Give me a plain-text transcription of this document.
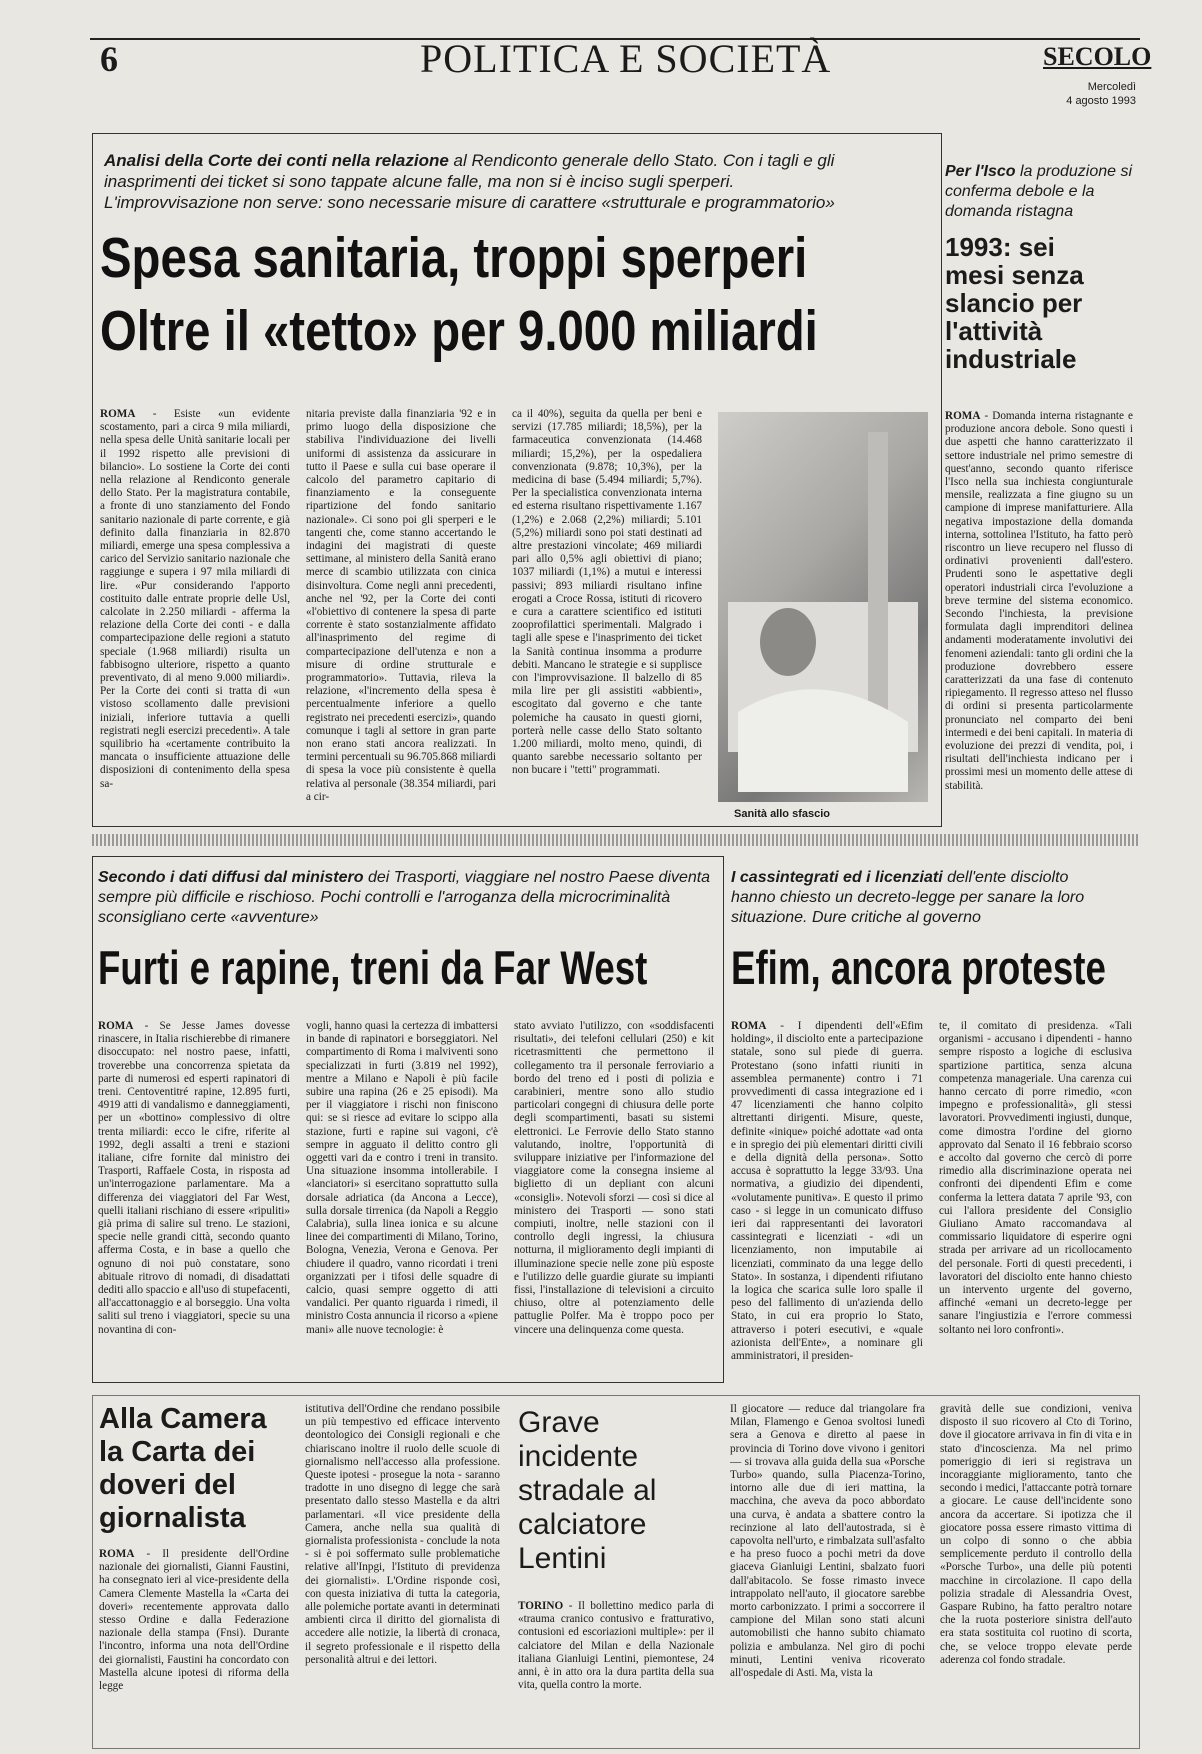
6	POLITICA E SOCIETÀ	SECOLO
Mercoledì
4 agosto 1993
Analisi della Corte dei conti nella relazione al Rendiconto generale dello Stato. Con i tagli e gli inasprimenti dei ticket si sono tappate alcune falle, ma non si è inciso sugli sperperi. L'improvvisazione non serve: sono necessarie misure di carattere «strutturale e programmatorio»
Spesa sanitaria, troppi sperperi
Oltre il «tetto» per 9.000 miliardi
ROMA - Esiste «un evidente scostamento, pari a circa 9 mila miliardi, nella spesa delle Unità sanitarie locali per il 1992 rispetto alle previsioni di bilancio». Lo sostiene la Corte dei conti nella relazione al Rendiconto generale dello Stato. Per la magistratura contabile, a fronte di uno stanziamento del Fondo sanitario nazionale di parte corrente, e già definito dalla finanziaria in 82.870 miliardi, emerge una spesa complessiva a carico del Servizio sanitario nazionale che raggiunge e supera i 97 mila miliardi di lire. «Pur considerando l'apporto costituito dalle entrate proprie delle Usl, calcolate in 2.250 miliardi - afferma la relazione della Corte dei conti - e dalla compartecipazione delle regioni a statuto speciale (1.968 miliardi) risulta un fabbisogno ulteriore, rispetto a quanto preventivato, di al meno 9.000 miliardi». Per la Corte dei conti si tratta di «un vistoso scollamento dalle previsioni iniziali, inferiore tuttavia a quelli registrati negli esercizi precedenti». A tale squilibrio ha «certamente contribuito la mancata o insufficiente attuazione delle disposizioni di contenimento della spesa sa-
nitaria previste dalla finanziaria '92 e in primo luogo della disposizione che stabiliva l'individuazione dei livelli uniformi di assistenza da assicurare in tutto il Paese e sulla cui base operare il calcolo del parametro capitario di finanziamento e la conseguente ripartizione del fondo sanitario nazionale». Ci sono poi gli sperperi e le tangenti che, come stanno accertando le indagini dei magistrati di queste settimane, al ministero della Sanità erano merce di scambio utilizzata con cinica disinvoltura. Come negli anni precedenti, anche nel '92, per la Corte dei conti «l'obiettivo di contenere la spesa di parte corrente è stato sostanzialmente affidato all'inasprimento del regime di compartecipazione dell'utenza e non a misure di ordine strutturale e programmatorio». Tuttavia, rileva la relazione, «l'incremento della spesa è percentualmente inferiore a quello registrato nei precedenti esercizi», quando comunque i tagli al settore in gran parte non erano stati ancora realizzati. In termini percentuali su 96.705.868 miliardi di spesa la voce più consistente è quella relativa al personale (38.354 miliardi, pari a cir-
ca il 40%), seguita da quella per beni e servizi (17.785 miliardi; 18,5%), per la farmaceutica convenzionata (14.468 miliardi; 15,2%), per la ospedaliera convenzionata (9.878; 10,3%), per la medicina di base (5.494 miliardi; 5,7%). Per la specialistica convenzionata interna ed esterna risultano rispettivamente 1.167 (1,2%) e 2.068 (2,2%) miliardi; 5.101 (5,2%) miliardi sono poi stati destinati ad altre prestazioni vincolate; 469 miliardi pari allo 0,5% agli obiettivi di piano; 1037 miliardi (1,1%) a mutui e interessi passivi; 893 miliardi risultano infine erogati a Croce Rossa, istituti di ricovero e cura a carattere scientifico ed istituti zooprofilattici sperimentali. Malgrado i tagli alle spese e l'inasprimento dei ticket la Sanità continua insomma a produrre debiti. Mancano le strategie e si supplisce con l'improvvisazione. Il balzello di 85 mila lire per gli assistiti «abbienti», escogitato dal governo e che tante polemiche ha causato in questi giorni, porterà nelle casse dello Stato soltanto 1.200 miliardi, molto meno, quindi, di quanto sarebbe necessario soltanto per non bucare i "tetti" programmati.
Sanità allo sfascio
Per l'Isco la produzione si conferma debole e la domanda ristagna
1993: sei mesi senza slancio per l'attività industriale
ROMA - Domanda interna ristagnante e produzione ancora debole. Sono questi i due aspetti che hanno caratterizzato il settore industriale nel primo semestre di quest'anno, secondo quanto riferisce l'Isco nella sua inchiesta congiunturale mensile, realizzata a fine giugno su un campione di imprese manifatturiere. Alla negativa impostazione della domanda interna, sottolinea l'Istituto, ha fatto però riscontro un lieve recupero nel flusso di ordinativi provenienti dall'estero. Prudenti sono le aspettative degli operatori industriali circa l'evoluzione a breve termine del sistema economico. Secondo l'inchiesta, la previsione formulata dagli imprenditori delinea andamenti moderatamente involutivi dei fenomeni aziendali: tanto gli ordini che la produzione dovrebbero essere caratterizzati da una fase di contenuto ripiegamento. Il regresso atteso nel flusso di ordini si presenta particolarmente pronunciato nel comparto dei beni intermedi e dei beni capitali. In materia di evoluzione dei prezzi di vendita, poi, i risultati dell'inchiesta indicano per i prossimi mesi un momento delle attese di stabilità.
Secondo i dati diffusi dal ministero dei Trasporti, viaggiare nel nostro Paese diventa sempre più difficile e rischioso. Pochi controlli e l'arroganza della microcriminalità sconsigliano certe «avventure»
Furti e rapine, treni da Far West
ROMA - Se Jesse James dovesse rinascere, in Italia rischierebbe di rimanere disoccupato: nel nostro paese, infatti, troverebbe una concorrenza spietata da parte di numerosi ed esperti rapinatori di treni. Centoventitré rapine, 12.895 furti, 4919 atti di vandalismo e danneggiamenti, per un «bottino» complessivo di oltre trenta miliardi: ecco le cifre, riferite al 1992, degli assalti a treni e stazioni italiane, cifre fornite dal ministro dei Trasporti, Raffaele Costa, in risposta ad un'interrogazione parlamentare. Ma a differenza dei viaggiatori del Far West, quelli italiani rischiano di essere «ripuliti» già prima di salire sul treno. Le stazioni, specie nelle grandi città, secondo quanto afferma Costa, e in base a quello che ognuno di noi può constatare, sono abituale ritrovo di nomadi, di disadattati dediti allo spaccio e all'uso di stupefacenti, all'accattonaggio e al borseggio. Una volta saliti sul treno i viaggiatori, specie su una novantina di con-
vogli, hanno quasi la certezza di imbattersi in bande di rapinatori e borseggiatori. Nel compartimento di Roma i malviventi sono specializzati in furti (3.819 nel 1992), mentre a Milano e Napoli è più facile subire una rapina (26 e 25 episodi). Ma per il viaggiatore i rischi non finiscono qui: se si riesce ad evitare lo scippo alla stazione, furti e rapine sui vagoni, c'è sempre in agguato il delitto contro gli oggetti vari da e contro i treni in transito. Una situazione insomma intollerabile. I «lanciatori» si esercitano soprattutto sulla dorsale adriatica (da Ancona a Lecce), sulla dorsale tirrenica (da Napoli a Reggio Calabria), sulla linea ionica e su alcune linee dei compartimenti di Milano, Torino, Bologna, Venezia, Verona e Genova. Per chiudere il quadro, vanno ricordati i treni organizzati per i tifosi delle squadre di calcio, quasi sempre oggetto di atti vandalici. Per quanto riguarda i rimedi, il ministro Costa annuncia il ricorso a «piene mani» alle nuove tecnologie: è
stato avviato l'utilizzo, con «soddisfacenti risultati», dei telefoni cellulari (250) e kit ricetrasmittenti che permettono il collegamento tra il personale ferroviario a bordo del treno ed i posti di polizia e carabinieri, mentre sono allo studio particolari congegni di chiusura delle porte degli scompartimenti, basati su sistemi elettronici. Le Ferrovie dello Stato stanno valutando, inoltre, l'opportunità di sviluppare iniziative per l'informazione del viaggiatore come la consegna insieme al biglietto di un depliant con alcuni «consigli». Notevoli sforzi — così si dice al ministero dei Trasporti — sono stati compiuti, inoltre, nelle stazioni con il controllo degli ingressi, la chiusura notturna, il miglioramento degli impianti di illuminazione specie nelle zone più esposte e l'utilizzo delle guardie giurate su impianti fissi, l'installazione di televisioni a circuito chiuso, oltre al potenziamento delle pattuglie Polfer. Ma è troppo poco per vincere una delinquenza come questa.
I cassintegrati ed i licenziati dell'ente disciolto hanno chiesto un decreto-legge per sanare la loro situazione. Dure critiche al governo
Efim, ancora proteste
ROMA - I dipendenti dell'«Efim holding», il disciolto ente a partecipazione statale, sono sul piede di guerra. Protestano (sono infatti riuniti in assemblea permanente) contro i 71 provvedimenti di cassa integrazione ed i 47 licenziamenti che hanno colpito altrettanti dirigenti. Misure, queste, definite «inique» poiché adottate «ad onta e in spregio dei più elementari diritti civili e della dignità della persona». Sotto accusa è soprattutto la legge 33/93. Una normativa, a giudizio dei dipendenti, «volutamente punitiva». E questo il primo caso - si legge in un comunicato diffuso ieri dai rappresentanti dei lavoratori cassintegrati e licenziati - «di un licenziamento, non imputabile ai licenziati, comminato da una legge dello Stato». In sostanza, i dipendenti rifiutano la logica che scarica sulle loro spalle il peso del fallimento di un'azienda dello Stato, in cui era proprio lo Stato, attraverso i poteri esecutivi, e «quale azionista dell'Ente», a nominare gli amministratori, il presiden-
te, il comitato di presidenza. «Tali organismi - accusano i dipendenti - hanno sempre risposto a logiche di esclusiva spartizione partitica, senza alcuna competenza manageriale. Una carenza cui hanno cercato di porre rimedio, «con impegno e professionalità», gli stessi lavoratori. Provvedimenti ingiusti, dunque, come dimostra l'ordine del giorno approvato dal Senato il 16 febbraio scorso e accolto dal governo che cercò di porre rimedio alla discriminazione operata nei confronti dei dipendenti Efim e come conferma la lettera datata 7 aprile '93, con cui l'allora presidente del Consiglio Giuliano Amato raccomandava al commissario liquidatore di esperire ogni strada per arrivare ad un ricollocamento del personale. Forti di questi precedenti, i lavoratori del disciolto ente hanno chiesto un intervento urgente del governo, affinché «emani un decreto-legge per sanare l'ingiustizia e l'errore commessi soltanto nei loro confronti».
Alla Camera la Carta dei doveri del giornalista
ROMA - Il presidente dell'Ordine nazionale dei giornalisti, Gianni Faustini, ha consegnato ieri al vice-presidente della Camera Clemente Mastella la «Carta dei doveri» recentemente approvata dallo stesso Ordine e dalla Federazione nazionale della stampa (Fnsi). Durante l'incontro, informa una nota dell'Ordine dei giornalisti, Faustini ha concordato con Mastella alcune ipotesi di riforma della legge
istitutiva dell'Ordine che rendano possibile un più tempestivo ed efficace intervento deontologico dei Consigli regionali e che chiariscano inoltre il ruolo delle scuole di giornalismo nell'accesso alla professione. Queste ipotesi - prosegue la nota - saranno tradotte in uno disegno di legge che sarà presentato dallo stesso Mastella e da altri parlamentari. «Il vice presidente della Camera, anche nella sua qualità di giornalista professionista - conclude la nota - si è poi soffermato sulle problematiche relative all'Inpgi, l'Istituto di previdenza dei giornalisti». L'Ordine risponde così, con questa iniziativa di tutta la categoria, alle polemiche portate avanti in determinati ambienti circa il diritto del giornalista di accedere alle notizie, la libertà di cronaca, il segreto professionale e il rispetto della personalità altrui e dei lettori.
Grave incidente stradale al calciatore Lentini
TORINO - Il bollettino medico parla di «trauma cranico contusivo e fratturativo, contusioni ed escoriazioni multiple»: per il calciatore del Milan e della Nazionale italiana Gianluigi Lentini, piemontese, 24 anni, è in atto ora la dura partita della sua vita, quella contro la morte.
Il giocatore — reduce dal triangolare fra Milan, Flamengo e Genoa svoltosi lunedì sera a Genova e diretto al paese in provincia di Torino dove vivono i genitori — si trovava alla guida della sua «Porsche Turbo» quando, sulla Piacenza-Torino, intorno alle due di ieri mattina, la macchina, che aveva da poco abbordato una curva, è andata a sbattere contro la recinzione al lato dell'autostrada, si è capovolta nell'urto, e rimbalzata sull'asfalto e ha preso fuoco a pochi metri da dove giaceva Gianluigi Lentini, sbalzato fuori dall'abitacolo. Se fosse rimasto invece intrappolato nell'auto, il giocatore sarebbe morto carbonizzato. I primi a soccorrere il campione del Milan sono stati alcuni automobilisti che hanno subito chiamato polizia e ambulanza. Nel giro di pochi minuti, Lentini veniva ricoverato all'ospedale di Asti. Ma, vista la
gravità delle sue condizioni, veniva disposto il suo ricovero al Cto di Torino, dove il giocatore arrivava in fin di vita e in stato d'incoscienza. Ma nel primo pomeriggio di ieri si registrava un incoraggiante miglioramento, tanto che secondo i medici, l'attaccante potrà tornare a giocare. Le cause dell'incidente sono ancora da accertare. Si ipotizza che il giocatore possa essere rimasto vittima di un colpo di sonno o che abbia semplicemente perduto il controllo della «Porsche Turbo», una delle più potenti macchine in circolazione. Il capo della polizia stradale di Alessandria Ovest, Gaspare Rubino, ha fatto peraltro notare che la ruota posteriore sinistra dell'auto era stata sostituita col ruotino di scorta, che, se veloce troppo elevate perde aderenza col fondo stradale.
